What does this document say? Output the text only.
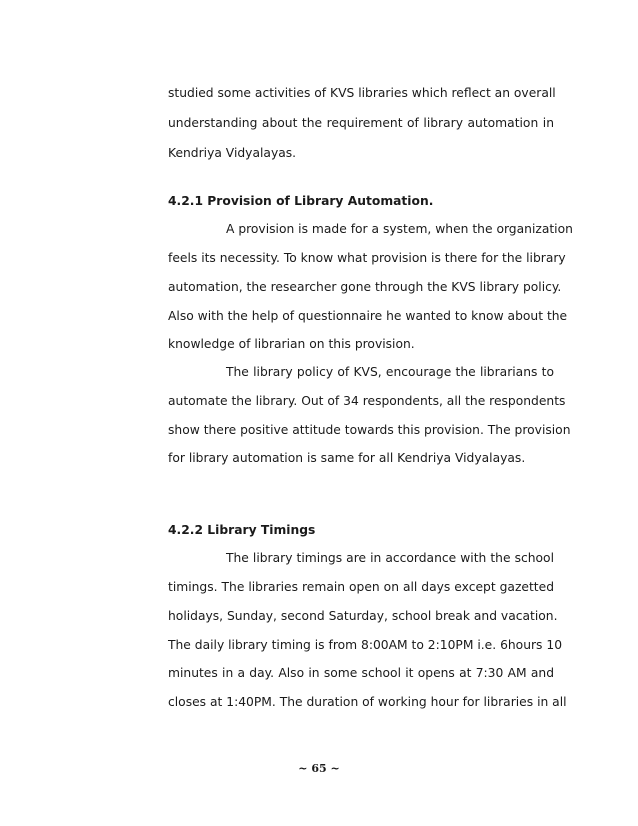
studied some activities of KVS libraries which reflect an overall
understanding about the requirement of library automation in
Kendriya Vidyalayas.
4.2.1 Provision of Library Automation.
A provision is made for a system, when the organization
feels its necessity. To know what provision is there for the library
automation, the researcher gone through the KVS library policy.
Also with the help of questionnaire he wanted to know about the
knowledge of librarian on this provision.
The library policy of KVS, encourage the librarians to
automate the library. Out of 34 respondents, all the respondents
show there positive attitude towards this provision. The provision
for library automation is same for all Kendriya Vidyalayas.
4.2.2 Library Timings
The library timings are in accordance with the school
timings. The libraries remain open on all days except gazetted
holidays, Sunday, second Saturday, school break and vacation.
The daily library timing is from 8:00AM to 2:10PM i.e. 6hours 10
minutes in a day. Also in some school it opens at 7:30 AM and
closes at 1:40PM. The duration of working hour for libraries in all
~ 65 ~
